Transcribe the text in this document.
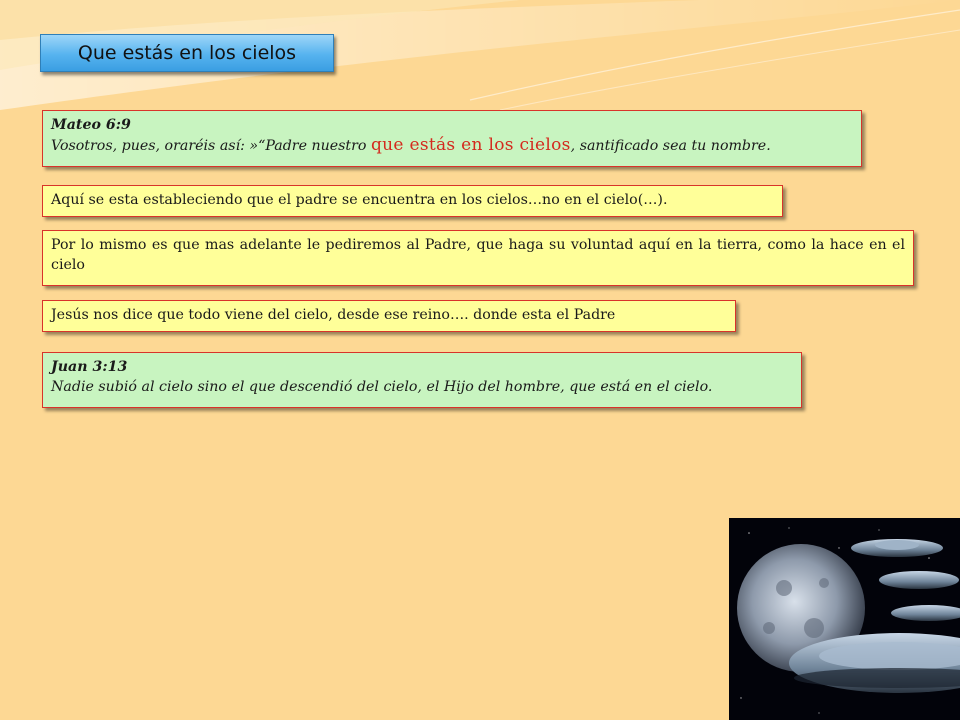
Que estás en los cielos
Mateo 6:9
Vosotros, pues, oraréis así: »“Padre nuestro que estás en los cielos, santificado sea tu nombre.
Aquí se esta estableciendo que el padre se encuentra en los cielos…no en el cielo(…).
Por lo mismo es que mas adelante le pediremos al Padre, que haga su voluntad aquí en la tierra, como la hace en el cielo
Jesús nos dice que todo viene del cielo, desde ese reino…. donde esta el Padre
Juan 3:13
Nadie subió al cielo sino el que descendió del cielo, el Hijo del hombre, que está en el cielo.
